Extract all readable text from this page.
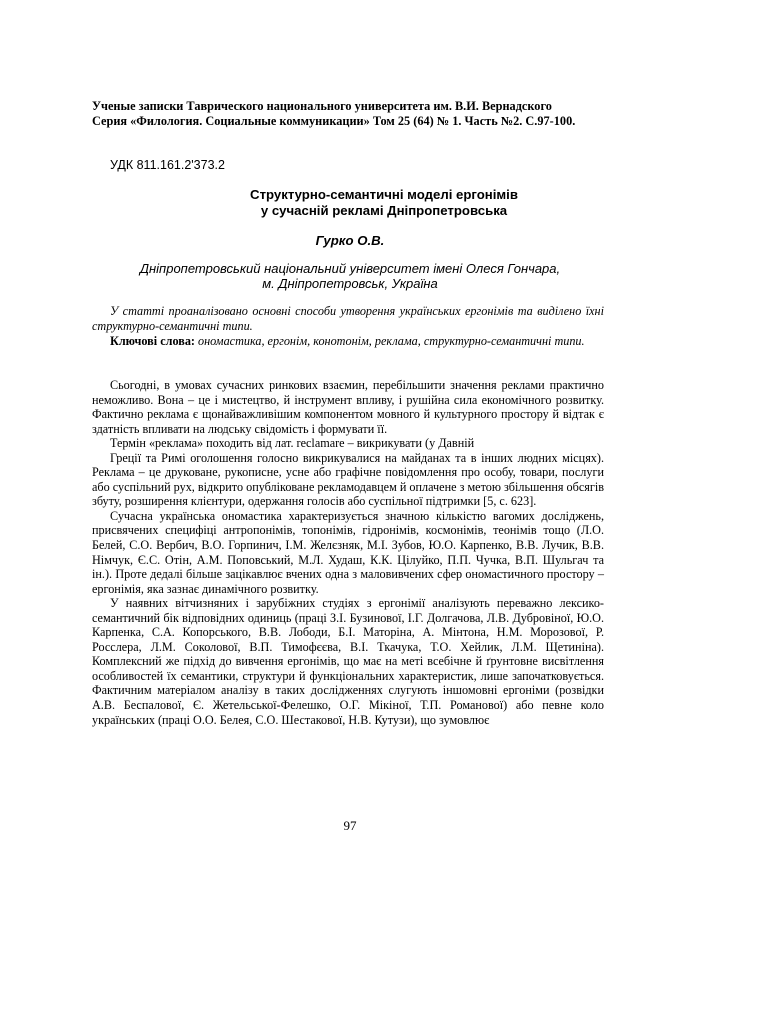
Ученые записки Таврического национального университета им. В.И. Вернадского
Серия «Филология. Социальные коммуникации» Том 25 (64) № 1. Часть №2. С.97-100.
УДК 811.161.2'373.2
Структурно-семантичні моделі ергонімів
у сучасній рекламі Дніпропетровська
Гурко О.В.
Дніпропетровський національний університет імені Олеся Гончара,
м. Дніпропетровськ, Україна

У статті проаналізовано основні способи утворення українських ергонімів та виділено їхні структурно-семантичні типи.

Ключові слова: ономастика, ергонім, конотонім, реклама, структурно-семантичні типи.

Сьогодні, в умовах сучасних ринкових взаємин, перебільшити значення реклами практично неможливо. Вона – це і мистецтво, й інструмент впливу, і рушійна сила економічного розвитку. Фактично реклама є щонайважливішим компонентом мовного й культурного простору й відтак є здатність впливати на людську свідомість і формувати її.

Термін «реклама» походить від лат. reclamare – викрикувати (у Давній

Греції та Римі оголошення голосно викрикувалися на майданах та в інших людних місцях). Реклама – це друковане, рукописне, усне або графічне повідомлення про особу, товари, послуги або суспільний рух, відкрито опубліковане рекламодавцем й оплачене з метою збільшення обсягів збуту, розширення клієнтури, одержання голосів або суспільної підтримки [5, с. 623].

Сучасна українська ономастика характеризується значною кількістю вагомих досліджень, присвячених специфіці антропонімів, топонімів, гідронімів, космонімів, теонімів тощо (Л.О. Белей, С.О. Вербич, В.О. Горпинич, І.М. Желєзняк, М.І. Зубов, Ю.О. Карпенко, В.В. Лучик, В.В. Німчук, Є.С. Отін, А.М. Поповський, М.Л. Худаш, К.К. Цілуйко, П.П. Чучка, В.П. Шульгач та ін.). Проте дедалі більше зацікавлює вчених одна з маловивчених сфер ономастичного простору – ергонімія, яка зазнає динамічного розвитку.

У наявних вітчизняних і зарубіжних студіях з ергонімії аналізують переважно лексико-семантичний бік відповідних одиниць (праці З.І. Бузинової, І.Г. Долгачова, Л.В. Дубровіної, Ю.О. Карпенка, С.А. Копорського, В.В. Лободи, Б.І. Маторіна, А. Мінтона, Н.М. Морозової, Р. Росслера, Л.М. Соколової, В.П. Тимофєєва, В.І. Ткачука, Т.О. Хейлик, Л.М. Щетиніна). Комплексний же підхід до вивчення ергонімів, що має на меті всебічне й ґрунтовне висвітлення особливостей їх семантики, структури й функціональних характеристик, лише започатковується. Фактичним матеріалом аналізу в таких дослідженнях слугують іншомовні ергоніми (розвідки А.В. Беспалової, Є. Жетельської-Фелешко, О.Г. Мікіної, Т.П. Романової) або певне коло українських (праці О.О. Белея, С.О. Шестакової, Н.В. Кутузи), що зумовлює

97
